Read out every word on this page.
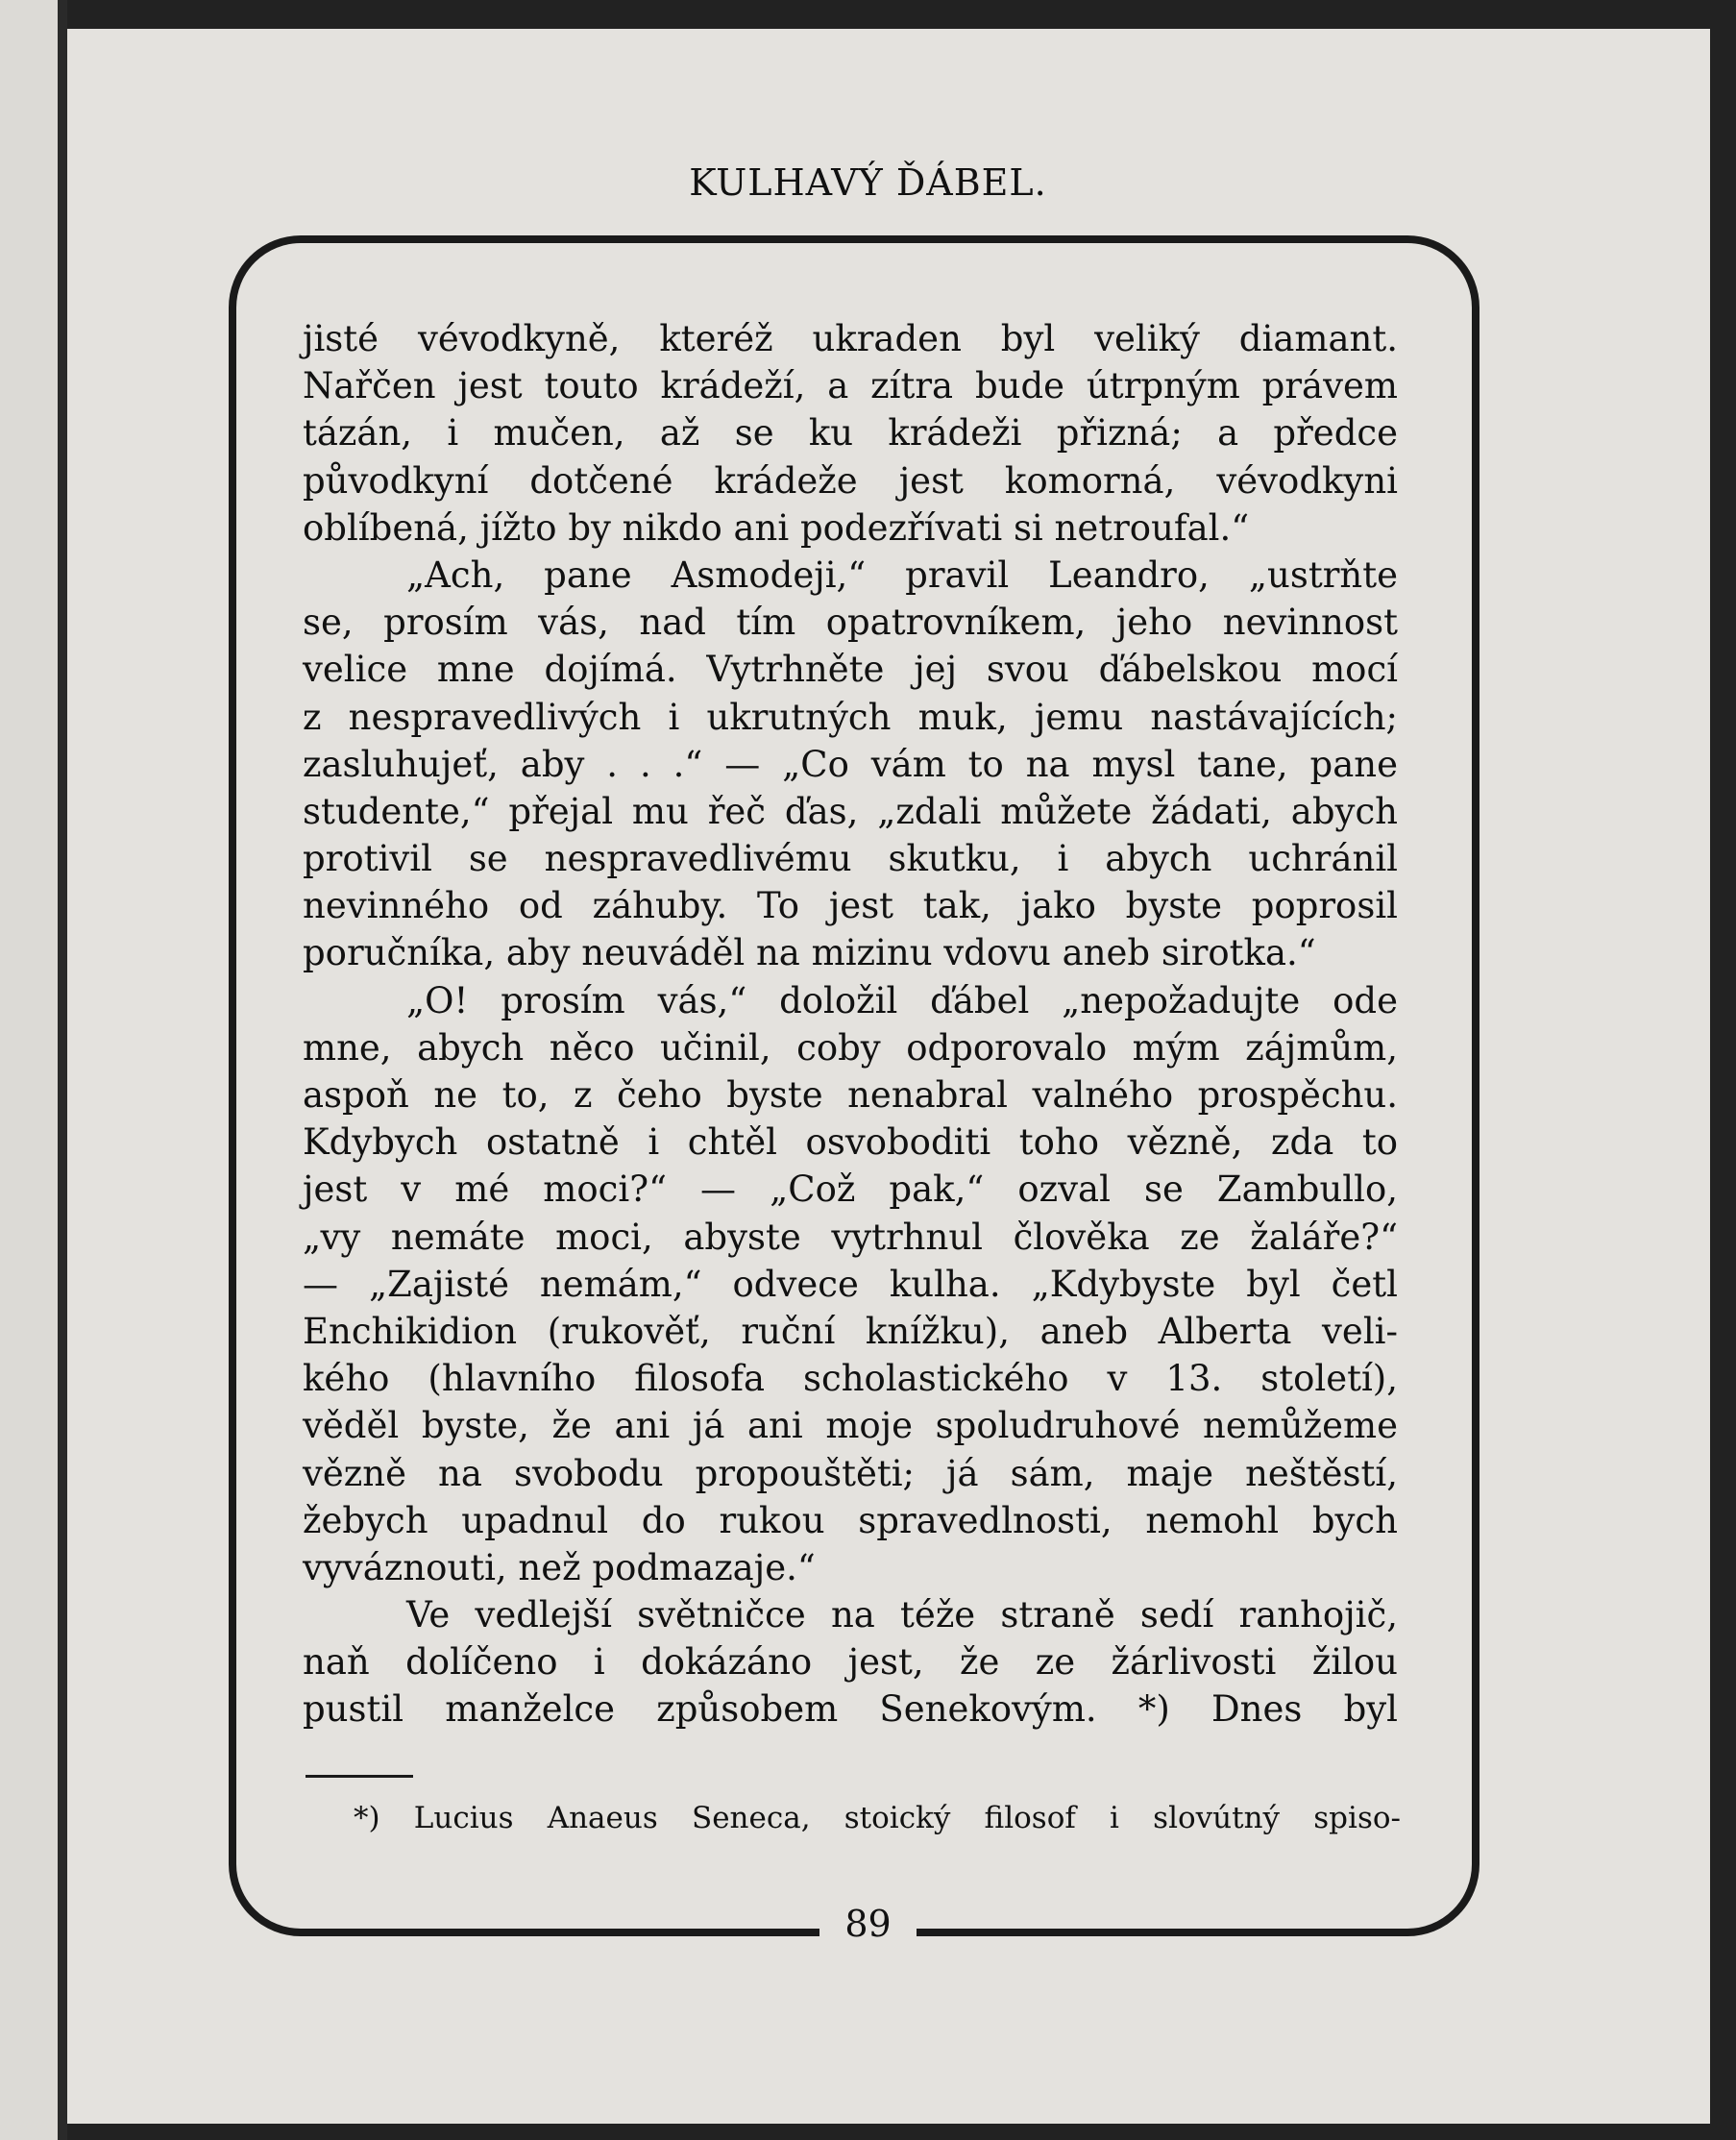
KULHAVÝ ĎÁBEL.
89
jisté vévodkyně, kteréž ukraden byl veliký diamant.
Nařčen jest touto krádeží, a zítra bude útrpným právem
tázán, i mučen, až se ku krádeži přizná; a předce
původkyní dotčené krádeže jest komorná, vévodkyni
oblíbená, jížto by nikdo ani podezřívati si netroufal.“
„Ach, pane Asmodeji,“ pravil Leandro, „ustrňte
se, prosím vás, nad tím opatrovníkem, jeho nevinnost
velice mne dojímá. Vytrhněte jej svou ďábelskou mocí
z nespravedlivých i ukrutných muk, jemu nastávajících;
zasluhujeť, aby . . .“ — „Co vám to na mysl tane, pane
studente,“ přejal mu řeč ďas, „zdali můžete žádati, abych
protivil se nespravedlivému skutku, i abych uchránil
nevinného od záhuby. To jest tak, jako byste poprosil
poručníka, aby neuváděl na mizinu vdovu aneb sirotka.“
„O! prosím vás,“ doložil ďábel „nepožadujte ode
mne, abych něco učinil, coby odporovalo mým zájmům,
aspoň ne to, z čeho byste nenabral valného prospěchu.
Kdybych ostatně i chtěl osvoboditi toho vězně, zda to
jest v mé moci?“ — „Což pak,“ ozval se Zambullo,
„vy nemáte moci, abyste vytrhnul člověka ze žaláře?“
— „Zajisté nemám,“ odvece kulha. „Kdybyste byl četl
Enchikidion (rukověť, ruční knížku), aneb Alberta veli-
kého (hlavního filosofa scholastického v 13. století),
věděl byste, že ani já ani moje spoludruhové nemůžeme
vězně na svobodu propouštěti; já sám, maje neštěstí,
žebych upadnul do rukou spravedlnosti, nemohl bych
vyváznouti, než podmazaje.“
Ve vedlejší světničce na téže straně sedí ranhojič,
naň dolíčeno i dokázáno jest, že ze žárlivosti žilou
pustil manželce způsobem Senekovým. *) Dnes byl
*) Lucius Anaeus Seneca, stoický filosof i slovútný spiso-
